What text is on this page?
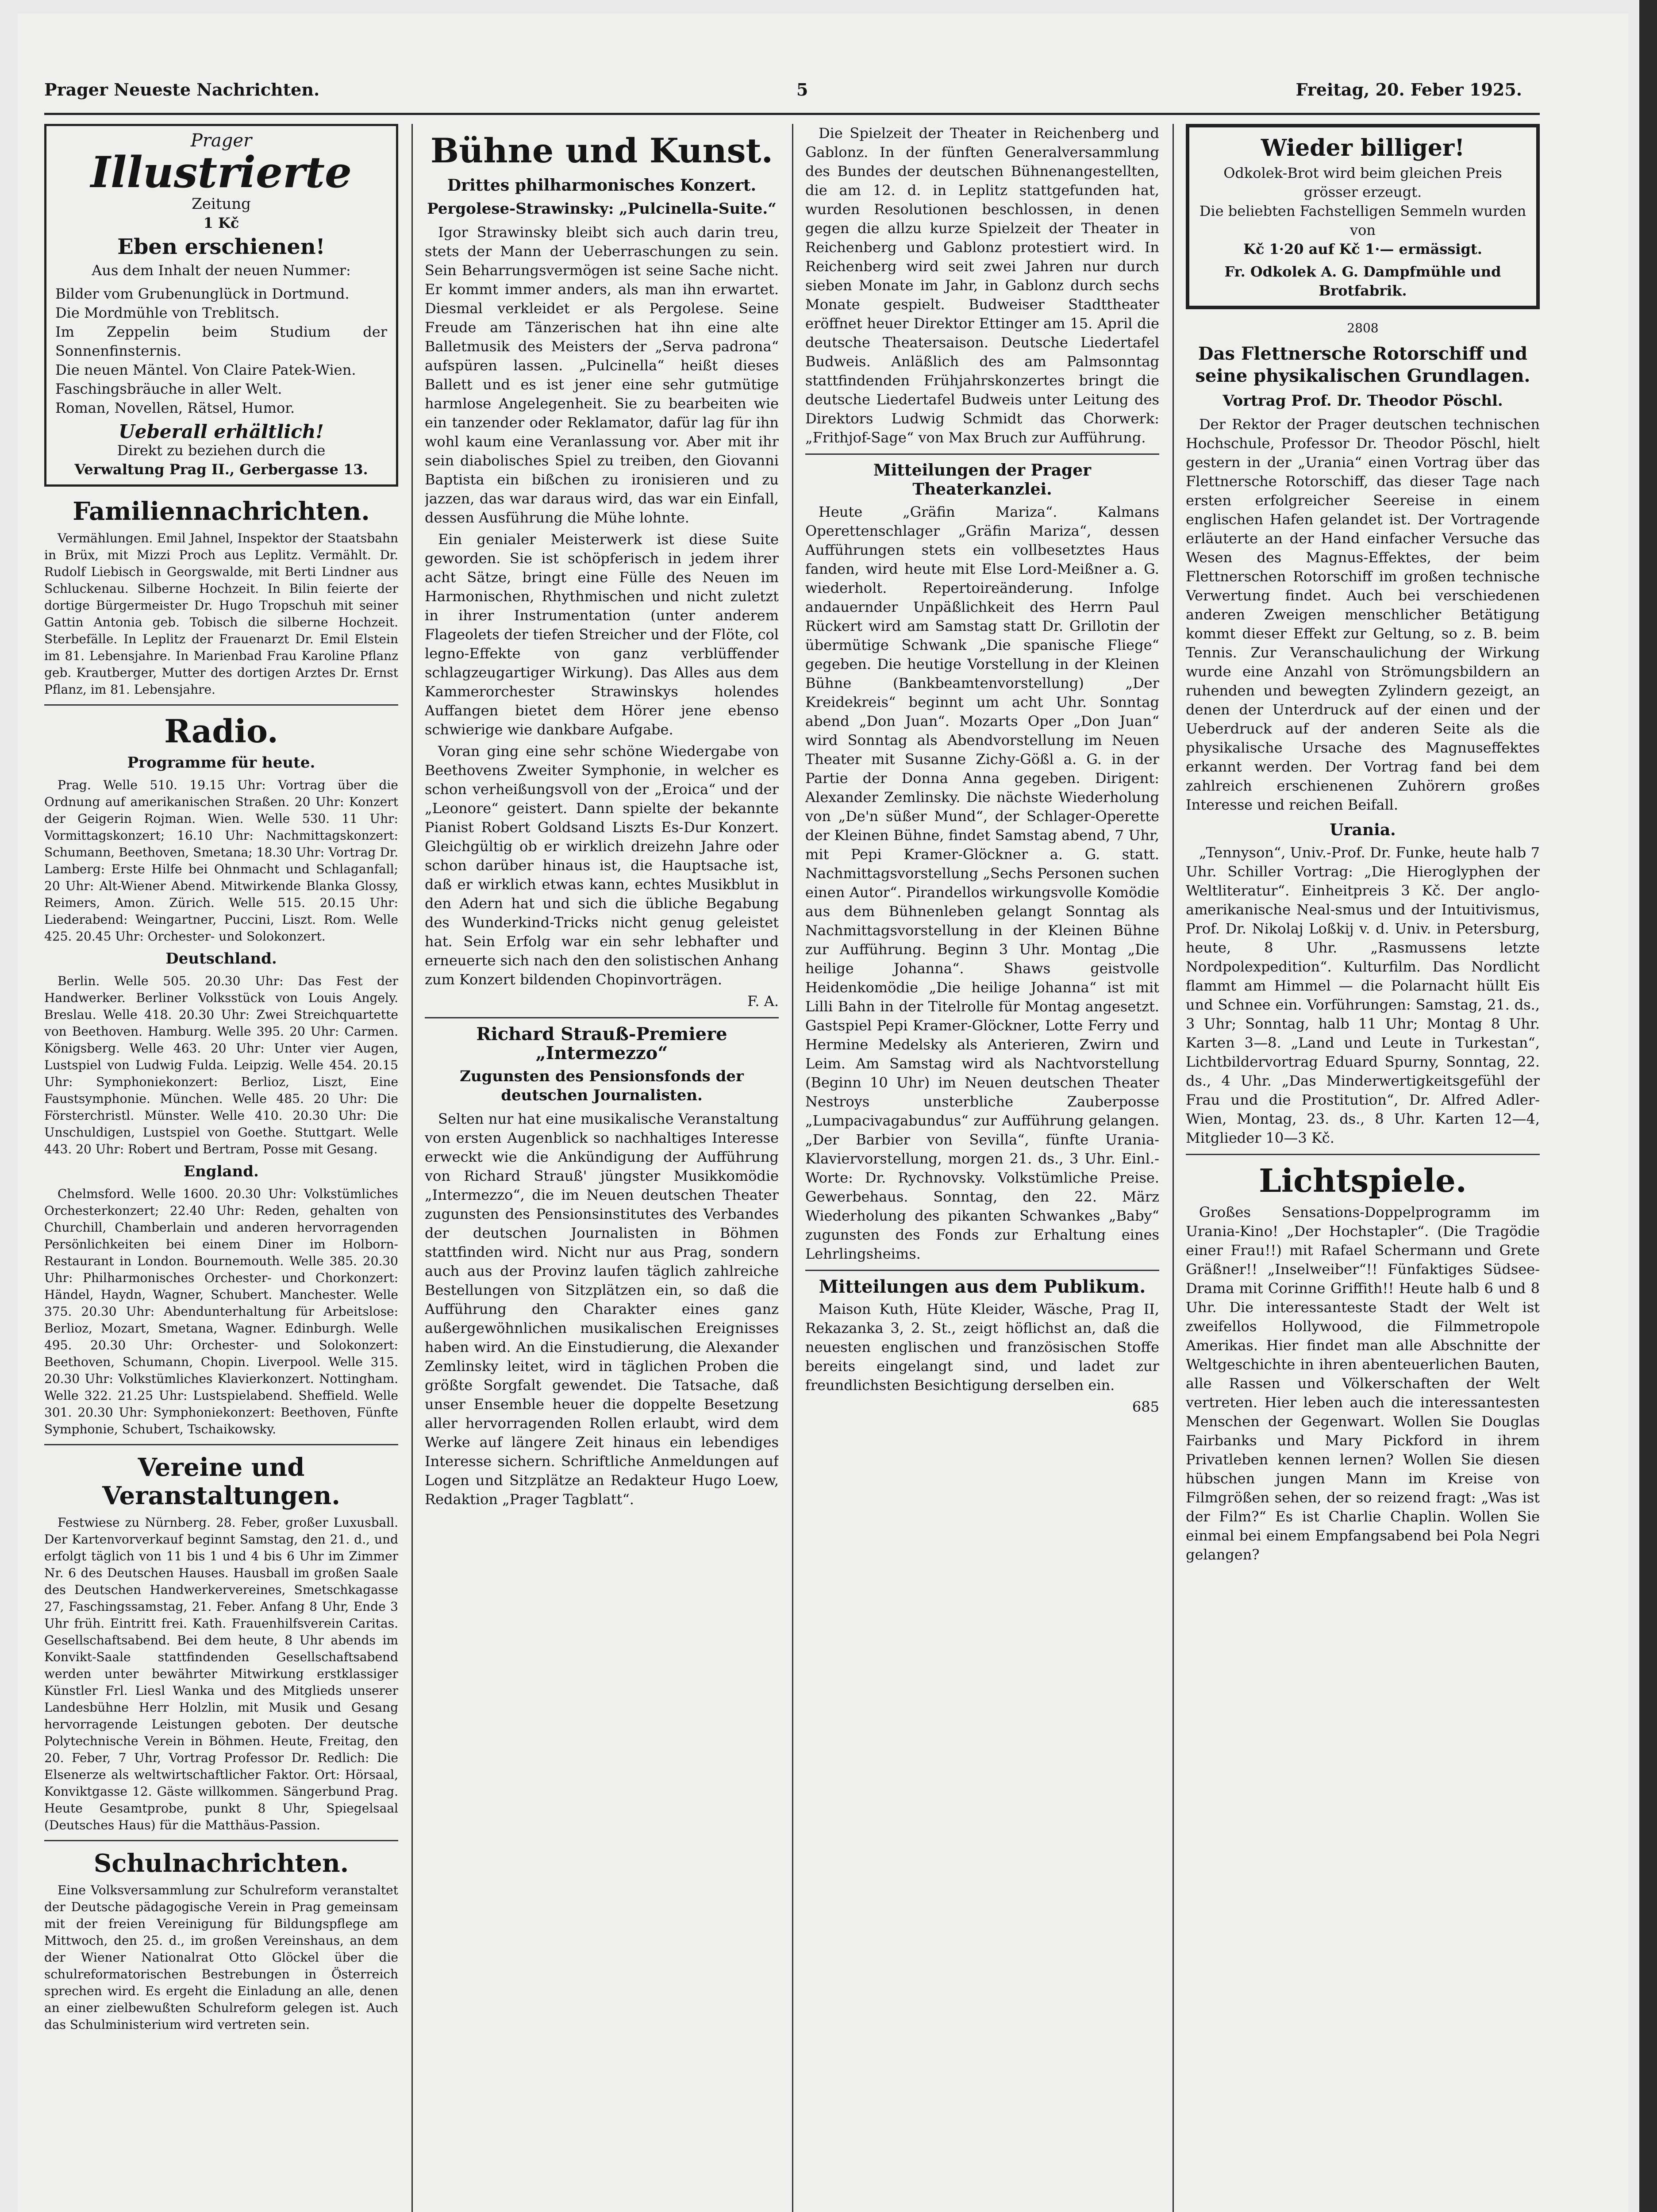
Prager Neueste Nachrichten.	5	Freitag, 20. Feber 1925.
Prager
Illustrierte
Zeitung
1 Kč
Eben erschienen!
Aus dem Inhalt der neuen Nummer:
Bilder vom Grubenunglück in Dortmund.
Die Mordmühle von Treblitsch.
Im Zeppelin beim Studium der Sonnenfinsternis.
Die neuen Mäntel. Von Claire Patek-Wien.
Faschingsbräuche in aller Welt.
Roman, Novellen, Rätsel, Humor.
Ueberall erhältlich!
Direkt zu beziehen durch die
Verwaltung Prag II., Gerbergasse 13.
Familiennachrichten.

Vermählungen. Emil Jahnel, Inspektor der Staatsbahn in Brüx, mit Mizzi Proch aus Leplitz. Vermählt. Dr. Rudolf Liebisch in Georgswalde, mit Berti Lindner aus Schluckenau. Silberne Hochzeit. In Bilin feierte der dortige Bürgermeister Dr. Hugo Tropschuh mit seiner Gattin Antonia geb. Tobisch die silberne Hochzeit. Sterbefälle. In Leplitz der Frauenarzt Dr. Emil Elstein im 81. Lebensjahre. In Marienbad Frau Karoline Pflanz geb. Krautberger, Mutter des dortigen Arztes Dr. Ernst Pflanz, im 81. Lebensjahre.

Radio.
Programme für heute.

Prag. Welle 510. 19.15 Uhr: Vortrag über die Ordnung auf amerikanischen Straßen. 20 Uhr: Konzert der Geigerin Rojman. Wien. Welle 530. 11 Uhr: Vormittagskonzert; 16.10 Uhr: Nachmittagskonzert: Schumann, Beethoven, Smetana; 18.30 Uhr: Vortrag Dr. Lamberg: Erste Hilfe bei Ohnmacht und Schlaganfall; 20 Uhr: Alt-Wiener Abend. Mitwirkende Blanka Glossy, Reimers, Amon. Zürich. Welle 515. 20.15 Uhr: Liederabend: Weingartner, Puccini, Liszt. Rom. Welle 425. 20.45 Uhr: Orchester- und Solokonzert.

Deutschland.

Berlin. Welle 505. 20.30 Uhr: Das Fest der Handwerker. Berliner Volksstück von Louis Angely. Breslau. Welle 418. 20.30 Uhr: Zwei Streichquartette von Beethoven. Hamburg. Welle 395. 20 Uhr: Carmen. Königsberg. Welle 463. 20 Uhr: Unter vier Augen, Lustspiel von Ludwig Fulda. Leipzig. Welle 454. 20.15 Uhr: Symphoniekonzert: Berlioz, Liszt, Eine Faustsymphonie. München. Welle 485. 20 Uhr: Die Försterchristl. Münster. Welle 410. 20.30 Uhr: Die Unschuldigen, Lustspiel von Goethe. Stuttgart. Welle 443. 20 Uhr: Robert und Bertram, Posse mit Gesang.

England.

Chelmsford. Welle 1600. 20.30 Uhr: Volkstümliches Orchesterkonzert; 22.40 Uhr: Reden, gehalten von Churchill, Chamberlain und anderen hervorragenden Persönlichkeiten bei einem Diner im Holborn-Restaurant in London. Bournemouth. Welle 385. 20.30 Uhr: Philharmonisches Orchester- und Chorkonzert: Händel, Haydn, Wagner, Schubert. Manchester. Welle 375. 20.30 Uhr: Abendunterhaltung für Arbeitslose: Berlioz, Mozart, Smetana, Wagner. Edinburgh. Welle 495. 20.30 Uhr: Orchester- und Solokonzert: Beethoven, Schumann, Chopin. Liverpool. Welle 315. 20.30 Uhr: Volkstümliches Klavierkonzert. Nottingham. Welle 322. 21.25 Uhr: Lustspielabend. Sheffield. Welle 301. 20.30 Uhr: Symphoniekonzert: Beethoven, Fünfte Symphonie, Schubert, Tschaikowsky.

Vereine und Veranstaltungen.

Festwiese zu Nürnberg. 28. Feber, großer Luxusball. Der Kartenvorverkauf beginnt Samstag, den 21. d., und erfolgt täglich von 11 bis 1 und 4 bis 6 Uhr im Zimmer Nr. 6 des Deutschen Hauses. Hausball im großen Saale des Deutschen Handwerkervereines, Smetschkagasse 27, Faschingssamstag, 21. Feber. Anfang 8 Uhr, Ende 3 Uhr früh. Eintritt frei. Kath. Frauenhilfsverein Caritas. Gesellschaftsabend. Bei dem heute, 8 Uhr abends im Konvikt-Saale stattfindenden Gesellschaftsabend werden unter bewährter Mitwirkung erstklassiger Künstler Frl. Liesl Wanka und des Mitglieds unserer Landesbühne Herr Holzlin, mit Musik und Gesang hervorragende Leistungen geboten. Der deutsche Polytechnische Verein in Böhmen. Heute, Freitag, den 20. Feber, 7 Uhr, Vortrag Professor Dr. Redlich: Die Elsenerze als weltwirtschaftlicher Faktor. Ort: Hörsaal, Konviktgasse 12. Gäste willkommen. Sängerbund Prag. Heute Gesamtprobe, punkt 8 Uhr, Spiegelsaal (Deutsches Haus) für die Matthäus-Passion.

Schulnachrichten.

Eine Volksversammlung zur Schulreform veranstaltet der Deutsche pädagogische Verein in Prag gemeinsam mit der freien Vereinigung für Bildungspflege am Mittwoch, den 25. d., im großen Vereinshaus, an dem der Wiener Nationalrat Otto Glöckel über die schulreformatorischen Bestrebungen in Österreich sprechen wird. Es ergeht die Einladung an alle, denen an einer zielbewußten Schulreform gelegen ist. Auch das Schulministerium wird vertreten sein.

Bühne und Kunst.
Drittes philharmonisches Konzert.
Pergolese-Strawinsky: „Pulcinella-Suite.“

Igor Strawinsky bleibt sich auch darin treu, stets der Mann der Ueberraschungen zu sein. Sein Beharrungsvermögen ist seine Sache nicht. Er kommt immer anders, als man ihn erwartet. Diesmal verkleidet er als Pergolese. Seine Freude am Tänzerischen hat ihn eine alte Balletmusik des Meisters der „Serva padrona“ aufspüren lassen. „Pulcinella“ heißt dieses Ballett und es ist jener eine sehr gutmütige harmlose Angelegenheit. Sie zu bearbeiten wie ein tanzender oder Reklamator, dafür lag für ihn wohl kaum eine Veranlassung vor. Aber mit ihr sein diabolisches Spiel zu treiben, den Giovanni Baptista ein bißchen zu ironisieren und zu jazzen, das war daraus wird, das war ein Einfall, dessen Ausführung die Mühe lohnte.

Ein genialer Meisterwerk ist diese Suite geworden. Sie ist schöpferisch in jedem ihrer acht Sätze, bringt eine Fülle des Neuen im Harmonischen, Rhythmischen und nicht zuletzt in ihrer Instrumentation (unter anderem Flageolets der tiefen Streicher und der Flöte, col legno-Effekte von ganz verblüffender schlagzeugartiger Wirkung). Das Alles aus dem Kammerorchester Strawinskys holendes Auffangen bietet dem Hörer jene ebenso schwierige wie dankbare Aufgabe.

Voran ging eine sehr schöne Wiedergabe von Beethovens Zweiter Symphonie, in welcher es schon verheißungsvoll von der „Eroica“ und der „Leonore“ geistert. Dann spielte der bekannte Pianist Robert Goldsand Liszts Es-Dur Konzert. Gleichgültig ob er wirklich dreizehn Jahre oder schon darüber hinaus ist, die Hauptsache ist, daß er wirklich etwas kann, echtes Musikblut in den Adern hat und sich die übliche Begabung des Wunderkind-Tricks nicht genug geleistet hat. Sein Erfolg war ein sehr lebhafter und erneuerte sich nach den den solistischen Anhang zum Konzert bildenden Chopinvorträgen.

F. A.
Richard Strauß-Premiere „Intermezzo“
Zugunsten des Pensionsfonds der deutschen Journalisten.

Selten nur hat eine musikalische Veranstaltung von ersten Augenblick so nachhaltiges Interesse erweckt wie die Ankündigung der Aufführung von Richard Strauß' jüngster Musikkomödie „Intermezzo“, die im Neuen deutschen Theater zugunsten des Pensionsinstitutes des Verbandes der deutschen Journalisten in Böhmen stattfinden wird. Nicht nur aus Prag, sondern auch aus der Provinz laufen täglich zahlreiche Bestellungen von Sitzplätzen ein, so daß die Aufführung den Charakter eines ganz außergewöhnlichen musikalischen Ereignisses haben wird. An die Einstudierung, die Alexander Zemlinsky leitet, wird in täglichen Proben die größte Sorgfalt gewendet. Die Tatsache, daß unser Ensemble heuer die doppelte Besetzung aller hervorragenden Rollen erlaubt, wird dem Werke auf längere Zeit hinaus ein lebendiges Interesse sichern. Schriftliche Anmeldungen auf Logen und Sitzplätze an Redakteur Hugo Loew, Redaktion „Prager Tagblatt“.

Die Spielzeit der Theater in Reichenberg und Gablonz. In der fünften Generalversammlung des Bundes der deutschen Bühnenangestellten, die am 12. d. in Leplitz stattgefunden hat, wurden Resolutionen beschlossen, in denen gegen die allzu kurze Spielzeit der Theater in Reichenberg und Gablonz protestiert wird. In Reichenberg wird seit zwei Jahren nur durch sieben Monate im Jahr, in Gablonz durch sechs Monate gespielt. Budweiser Stadttheater eröffnet heuer Direktor Ettinger am 15. April die deutsche Theatersaison. Deutsche Liedertafel Budweis. Anläßlich des am Palmsonntag stattfindenden Frühjahrskonzertes bringt die deutsche Liedertafel Budweis unter Leitung des Direktors Ludwig Schmidt das Chorwerk: „Frithjof-Sage“ von Max Bruch zur Aufführung.

Mitteilungen der Prager Theaterkanzlei.

Heute „Gräfin Mariza“. Kalmans Operettenschlager „Gräfin Mariza“, dessen Aufführungen stets ein vollbesetztes Haus fanden, wird heute mit Else Lord-Meißner a. G. wiederholt. Repertoireänderung. Infolge andauernder Unpäßlichkeit des Herrn Paul Rückert wird am Samstag statt Dr. Grillotin der übermütige Schwank „Die spanische Fliege“ gegeben. Die heutige Vorstellung in der Kleinen Bühne (Bankbeamtenvorstellung) „Der Kreidekreis“ beginnt um acht Uhr. Sonntag abend „Don Juan“. Mozarts Oper „Don Juan“ wird Sonntag als Abendvorstellung im Neuen Theater mit Susanne Zichy-Gößl a. G. in der Partie der Donna Anna gegeben. Dirigent: Alexander Zemlinsky. Die nächste Wiederholung von „De'n süßer Mund“, der Schlager-Operette der Kleinen Bühne, findet Samstag abend, 7 Uhr, mit Pepi Kramer-Glöckner a. G. statt. Nachmittagsvorstellung „Sechs Personen suchen einen Autor“. Pirandellos wirkungsvolle Komödie aus dem Bühnenleben gelangt Sonntag als Nachmittagsvorstellung in der Kleinen Bühne zur Aufführung. Beginn 3 Uhr. Montag „Die heilige Johanna“. Shaws geistvolle Heidenkomödie „Die heilige Johanna“ ist mit Lilli Bahn in der Titelrolle für Montag angesetzt. Gastspiel Pepi Kramer-Glöckner, Lotte Ferry und Hermine Medelsky als Anterieren, Zwirn und Leim. Am Samstag wird als Nachtvorstellung (Beginn 10 Uhr) im Neuen deutschen Theater Nestroys unsterbliche Zauberposse „Lumpacivagabundus“ zur Aufführung gelangen. „Der Barbier von Sevilla“, fünfte Urania-Klaviervorstellung, morgen 21. ds., 3 Uhr. Einl.-Worte: Dr. Rychnovsky. Volkstümliche Preise. Gewerbehaus. Sonntag, den 22. März Wiederholung des pikanten Schwankes „Baby“ zugunsten des Fonds zur Erhaltung eines Lehrlingsheims.

Mitteilungen aus dem Publikum.

Maison Kuth, Hüte Kleider, Wäsche, Prag II, Rekazanka 3, 2. St., zeigt höflichst an, daß die neuesten englischen und französischen Stoffe bereits eingelangt sind, und ladet zur freundlichsten Besichtigung derselben ein.

685
Wieder billiger!
Odkolek-Brot wird beim gleichen Preis grösser erzeugt.
Die beliebten Fachstelligen Semmeln wurden von
Kč 1·20 auf Kč 1·— ermässigt.
Fr. Odkolek A. G. Dampfmühle und Brotfabrik.
2808
Das Flettnersche Rotorschiff und seine physikalischen Grundlagen.
Vortrag Prof. Dr. Theodor Pöschl.

Der Rektor der Prager deutschen technischen Hochschule, Professor Dr. Theodor Pöschl, hielt gestern in der „Urania“ einen Vortrag über das Flettnersche Rotorschiff, das dieser Tage nach ersten erfolgreicher Seereise in einem englischen Hafen gelandet ist. Der Vortragende erläuterte an der Hand einfacher Versuche das Wesen des Magnus-Effektes, der beim Flettnerschen Rotorschiff im großen technische Verwertung findet. Auch bei verschiedenen anderen Zweigen menschlicher Betätigung kommt dieser Effekt zur Geltung, so z. B. beim Tennis. Zur Veranschaulichung der Wirkung wurde eine Anzahl von Strömungsbildern an ruhenden und bewegten Zylindern gezeigt, an denen der Unterdruck auf der einen und der Ueberdruck auf der anderen Seite als die physikalische Ursache des Magnuseffektes erkannt werden. Der Vortrag fand bei dem zahlreich erschienenen Zuhörern großes Interesse und reichen Beifall.

Urania.

„Tennyson“, Univ.-Prof. Dr. Funke, heute halb 7 Uhr. Schiller Vortrag: „Die Hieroglyphen der Weltliteratur“. Einheitpreis 3 Kč. Der anglo-amerikanische Neal-smus und der Intuitivismus, Prof. Dr. Nikolaj Loßkij v. d. Univ. in Petersburg, heute, 8 Uhr. „Rasmussens letzte Nordpolexpedition“. Kulturfilm. Das Nordlicht flammt am Himmel — die Polarnacht hüllt Eis und Schnee ein. Vorführungen: Samstag, 21. ds., 3 Uhr; Sonntag, halb 11 Uhr; Montag 8 Uhr. Karten 3—8. „Land und Leute in Turkestan“, Lichtbildervortrag Eduard Spurny, Sonntag, 22. ds., 4 Uhr. „Das Minderwertigkeitsgefühl der Frau und die Prostitution“, Dr. Alfred Adler-Wien, Montag, 23. ds., 8 Uhr. Karten 12—4, Mitglieder 10—3 Kč.

Lichtspiele.

Großes Sensations-Doppelprogramm im Urania-Kino! „Der Hochstapler“. (Die Tragödie einer Frau!!) mit Rafael Schermann und Grete Gräßner!! „Inselweiber“!! Fünfaktiges Südsee-Drama mit Corinne Griffith!! Heute halb 6 und 8 Uhr. Die interessanteste Stadt der Welt ist zweifellos Hollywood, die Filmmetropole Amerikas. Hier findet man alle Abschnitte der Weltgeschichte in ihren abenteuerlichen Bauten, alle Rassen und Völkerschaften der Welt vertreten. Hier leben auch die interessantesten Menschen der Gegenwart. Wollen Sie Douglas Fairbanks und Mary Pickford in ihrem Privatleben kennen lernen? Wollen Sie diesen hübschen jungen Mann im Kreise von Filmgrößen sehen, der so reizend fragt: „Was ist der Film?“ Es ist Charlie Chaplin. Wollen Sie einmal bei einem Empfangsabend bei Pola Negri gelangen?
